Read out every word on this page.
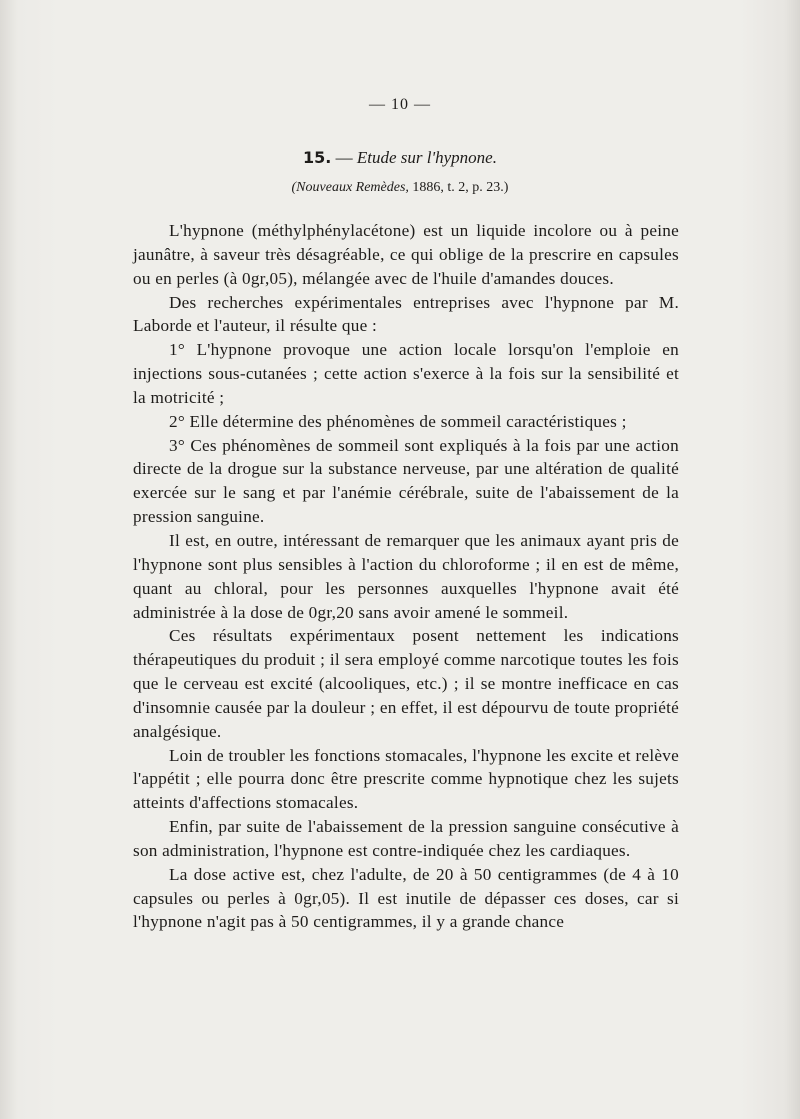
— 10 —
15. — Etude sur l'hypnone.
(Nouveaux Remèdes, 1886, t. 2, p. 23.)

L'hypnone (méthylphénylacétone) est un liquide incolore ou à peine jaunâtre, à saveur très désagréable, ce qui oblige de la prescrire en capsules ou en perles (à 0gr,05), mélangée avec de l'huile d'amandes douces.

Des recherches expérimentales entreprises avec l'hypnone par M. Laborde et l'auteur, il résulte que :

1° L'hypnone provoque une action locale lorsqu'on l'emploie en injections sous-cutanées ; cette action s'exerce à la fois sur la sensibilité et la motricité ;

2° Elle détermine des phénomènes de sommeil caractéristiques ;

3° Ces phénomènes de sommeil sont expliqués à la fois par une action directe de la drogue sur la substance nerveuse, par une altération de qualité exercée sur le sang et par l'anémie cérébrale, suite de l'abaissement de la pression sanguine.

Il est, en outre, intéressant de remarquer que les animaux ayant pris de l'hypnone sont plus sensibles à l'action du chloroforme ; il en est de même, quant au chloral, pour les personnes auxquelles l'hypnone avait été administrée à la dose de 0gr,20 sans avoir amené le sommeil.

Ces résultats expérimentaux posent nettement les indications thérapeutiques du produit ; il sera employé comme narcotique toutes les fois que le cerveau est excité (alcooliques, etc.) ; il se montre inefficace en cas d'insomnie causée par la douleur ; en effet, il est dépourvu de toute propriété analgésique.

Loin de troubler les fonctions stomacales, l'hypnone les excite et relève l'appétit ; elle pourra donc être prescrite comme hypnotique chez les sujets atteints d'affections stomacales.

Enfin, par suite de l'abaissement de la pression sanguine consécutive à son administration, l'hypnone est contre-indiquée chez les cardiaques.

La dose active est, chez l'adulte, de 20 à 50 centigrammes (de 4 à 10 capsules ou perles à 0gr,05). Il est inutile de dépasser ces doses, car si l'hypnone n'agit pas à 50 centigrammes, il y a grande chance
